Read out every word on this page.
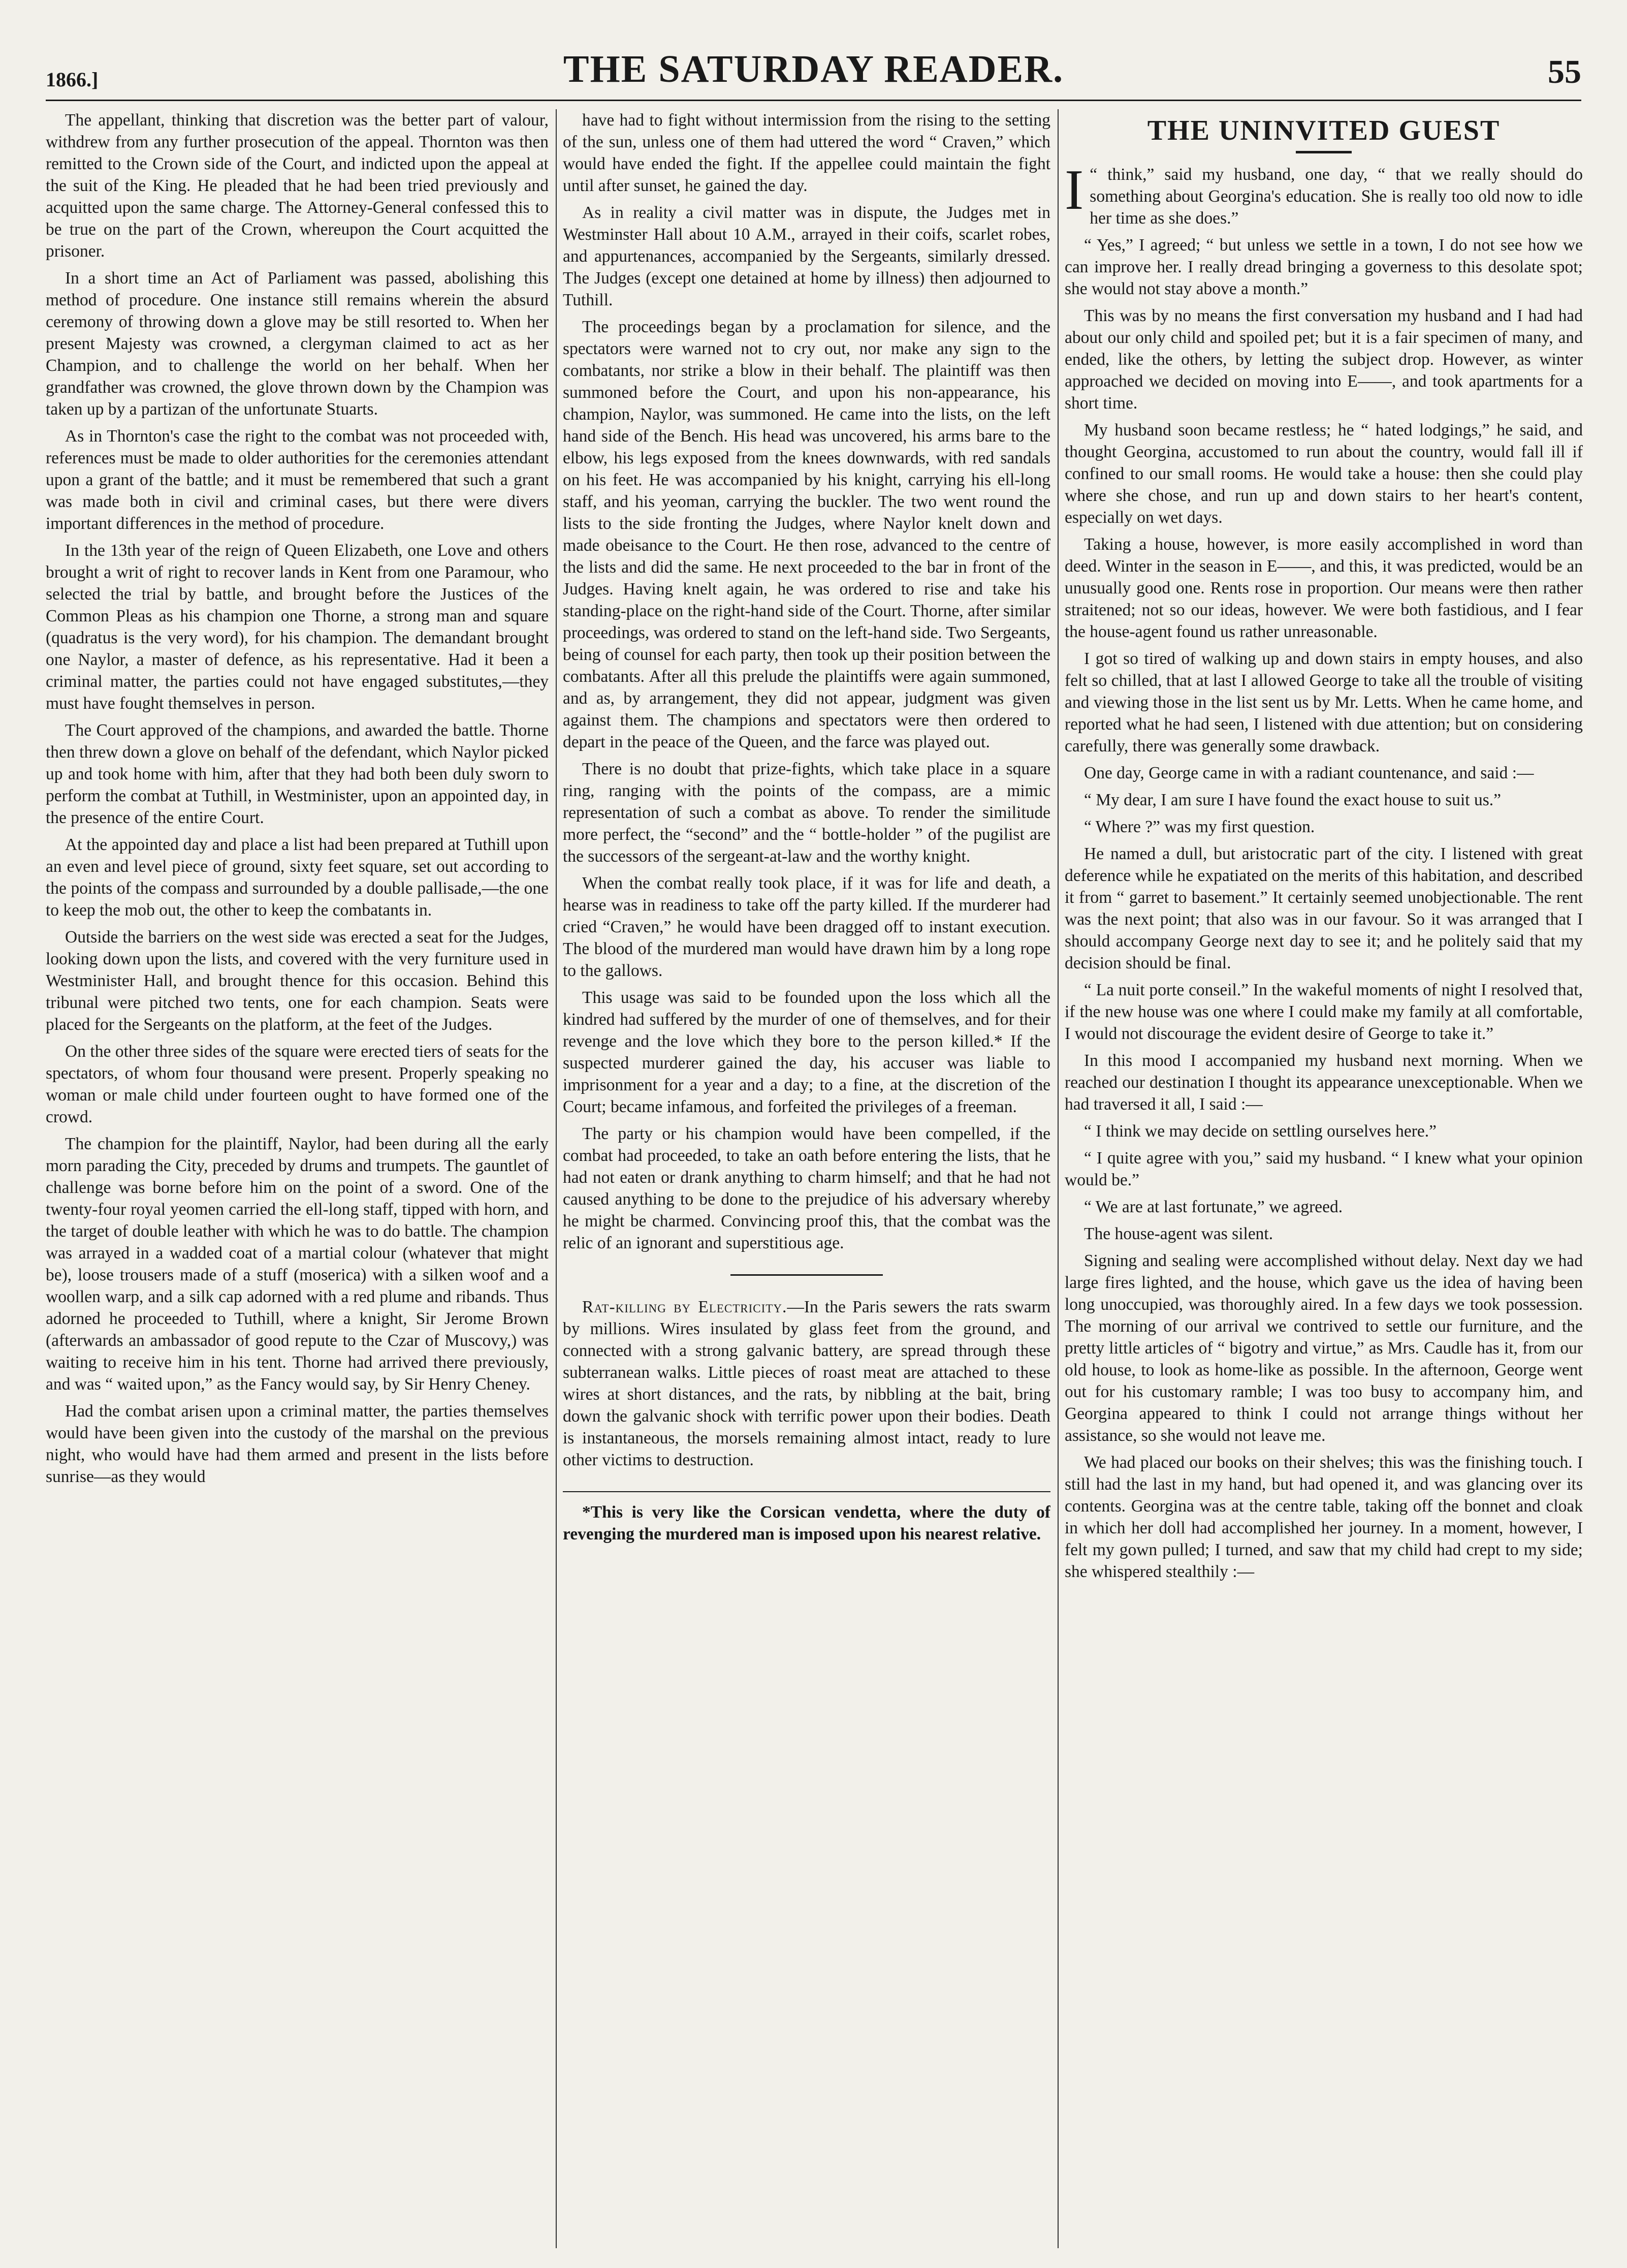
1866.]	THE SATURDAY READER.	55

The appellant, thinking that discretion was the better part of valour, withdrew from any further prosecution of the appeal. Thornton was then remitted to the Crown side of the Court, and indicted upon the appeal at the suit of the King. He pleaded that he had been tried previously and acquitted upon the same charge. The Attorney-General confessed this to be true on the part of the Crown, whereupon the Court acquitted the prisoner.

In a short time an Act of Parliament was passed, abolishing this method of procedure. One instance still remains wherein the absurd ceremony of throwing down a glove may be still resorted to. When her present Majesty was crowned, a clergyman claimed to act as her Champion, and to challenge the world on her behalf. When her grandfather was crowned, the glove thrown down by the Champion was taken up by a partizan of the unfortunate Stuarts.

As in Thornton's case the right to the combat was not proceeded with, references must be made to older authorities for the ceremonies attendant upon a grant of the battle; and it must be remembered that such a grant was made both in civil and criminal cases, but there were divers important differences in the method of procedure.

In the 13th year of the reign of Queen Elizabeth, one Love and others brought a writ of right to recover lands in Kent from one Paramour, who selected the trial by battle, and brought before the Justices of the Common Pleas as his champion one Thorne, a strong man and square (quadratus is the very word), for his champion. The demandant brought one Naylor, a master of defence, as his representative. Had it been a criminal matter, the parties could not have engaged substitutes,—they must have fought themselves in person.

The Court approved of the champions, and awarded the battle. Thorne then threw down a glove on behalf of the defendant, which Naylor picked up and took home with him, after that they had both been duly sworn to perform the combat at Tuthill, in Westminister, upon an appointed day, in the presence of the entire Court.

At the appointed day and place a list had been prepared at Tuthill upon an even and level piece of ground, sixty feet square, set out according to the points of the compass and surrounded by a double pallisade,—the one to keep the mob out, the other to keep the combatants in.

Outside the barriers on the west side was erected a seat for the Judges, looking down upon the lists, and covered with the very furniture used in Westminister Hall, and brought thence for this occasion. Behind this tribunal were pitched two tents, one for each champion. Seats were placed for the Sergeants on the platform, at the feet of the Judges.

On the other three sides of the square were erected tiers of seats for the spectators, of whom four thousand were present. Properly speaking no woman or male child under fourteen ought to have formed one of the crowd.

The champion for the plaintiff, Naylor, had been during all the early morn parading the City, preceded by drums and trumpets. The gauntlet of challenge was borne before him on the point of a sword. One of the twenty-four royal yeomen carried the ell-long staff, tipped with horn, and the target of double leather with which he was to do battle. The champion was arrayed in a wadded coat of a martial colour (whatever that might be), loose trousers made of a stuff (moserica) with a silken woof and a woollen warp, and a silk cap adorned with a red plume and ribands. Thus adorned he proceeded to Tuthill, where a knight, Sir Jerome Brown (afterwards an ambassador of good repute to the Czar of Muscovy,) was waiting to receive him in his tent. Thorne had arrived there previously, and was “ waited upon,” as the Fancy would say, by Sir Henry Cheney.

Had the combat arisen upon a criminal matter, the parties themselves would have been given into the custody of the marshal on the previous night, who would have had them armed and present in the lists before sunrise—as they would

have had to fight without intermission from the rising to the setting of the sun, unless one of them had uttered the word “ Craven,” which would have ended the fight. If the appellee could maintain the fight until after sunset, he gained the day.

As in reality a civil matter was in dispute, the Judges met in Westminster Hall about 10 A.M., arrayed in their coifs, scarlet robes, and appurtenances, accompanied by the Sergeants, similarly dressed. The Judges (except one detained at home by illness) then adjourned to Tuthill.

The proceedings began by a proclamation for silence, and the spectators were warned not to cry out, nor make any sign to the combatants, nor strike a blow in their behalf. The plaintiff was then summoned before the Court, and upon his non-appearance, his champion, Naylor, was summoned. He came into the lists, on the left hand side of the Bench. His head was uncovered, his arms bare to the elbow, his legs exposed from the knees downwards, with red sandals on his feet. He was accompanied by his knight, carrying his ell-long staff, and his yeoman, carrying the buckler. The two went round the lists to the side fronting the Judges, where Naylor knelt down and made obeisance to the Court. He then rose, advanced to the centre of the lists and did the same. He next proceeded to the bar in front of the Judges. Having knelt again, he was ordered to rise and take his standing-place on the right-hand side of the Court. Thorne, after similar proceedings, was ordered to stand on the left-hand side. Two Sergeants, being of counsel for each party, then took up their position between the combatants. After all this prelude the plaintiffs were again summoned, and as, by arrangement, they did not appear, judgment was given against them. The champions and spectators were then ordered to depart in the peace of the Queen, and the farce was played out.

There is no doubt that prize-fights, which take place in a square ring, ranging with the points of the compass, are a mimic representation of such a combat as above. To render the similitude more perfect, the “second” and the “ bottle-holder ” of the pugilist are the successors of the sergeant-at-law and the worthy knight.

When the combat really took place, if it was for life and death, a hearse was in readiness to take off the party killed. If the murderer had cried “Craven,” he would have been dragged off to instant execution. The blood of the murdered man would have drawn him by a long rope to the gallows.

This usage was said to be founded upon the loss which all the kindred had suffered by the murder of one of themselves, and for their revenge and the love which they bore to the person killed.* If the suspected murderer gained the day, his accuser was liable to imprisonment for a year and a day; to a fine, at the discretion of the Court; became infamous, and forfeited the privileges of a freeman.

The party or his champion would have been compelled, if the combat had proceeded, to take an oath before entering the lists, that he had not eaten or drank anything to charm himself; and that he had not caused anything to be done to the prejudice of his adversary whereby he might be charmed. Convincing proof this, that the combat was the relic of an ignorant and superstitious age.

Rat-killing by Electricity.—In the Paris sewers the rats swarm by millions. Wires insulated by glass feet from the ground, and connected with a strong galvanic battery, are spread through these subterranean walks. Little pieces of roast meat are attached to these wires at short distances, and the rats, by nibbling at the bait, bring down the galvanic shock with terrific power upon their bodies. Death is instantaneous, the morsels remaining almost intact, ready to lure other victims to destruction.

*This is very like the Corsican vendetta, where the duty of revenging the murdered man is imposed upon his nearest relative.

THE UNINVITED GUEST

“
I think,” said my husband, one day, “ that we really should do something about Georgina's education. She is really too old now to idle her time as she does.”

“ Yes,” I agreed; “ but unless we settle in a town, I do not see how we can improve her. I really dread bringing a governess to this desolate spot; she would not stay above a month.”

This was by no means the first conversation my husband and I had had about our only child and spoiled pet; but it is a fair specimen of many, and ended, like the others, by letting the subject drop. However, as winter approached we decided on moving into E——, and took apartments for a short time.

My husband soon became restless; he “ hated lodgings,” he said, and thought Georgina, accustomed to run about the country, would fall ill if confined to our small rooms. He would take a house: then she could play where she chose, and run up and down stairs to her heart's content, especially on wet days.

Taking a house, however, is more easily accomplished in word than deed. Winter in the season in E——, and this, it was predicted, would be an unusually good one. Rents rose in proportion. Our means were then rather straitened; not so our ideas, however. We were both fastidious, and I fear the house-agent found us rather unreasonable.

I got so tired of walking up and down stairs in empty houses, and also felt so chilled, that at last I allowed George to take all the trouble of visiting and viewing those in the list sent us by Mr. Letts. When he came home, and reported what he had seen, I listened with due attention; but on considering carefully, there was generally some drawback.

One day, George came in with a radiant countenance, and said :—

“ My dear, I am sure I have found the exact house to suit us.”

“ Where ?” was my first question.

He named a dull, but aristocratic part of the city. I listened with great deference while he expatiated on the merits of this habitation, and described it from “ garret to basement.” It certainly seemed unobjectionable. The rent was the next point; that also was in our favour. So it was arranged that I should accompany George next day to see it; and he politely said that my decision should be final.

“ La nuit porte conseil.” In the wakeful moments of night I resolved that, if the new house was one where I could make my family at all comfortable, I would not discourage the evident desire of George to take it.”

In this mood I accompanied my husband next morning. When we reached our destination I thought its appearance unexceptionable. When we had traversed it all, I said :—

“ I think we may decide on settling ourselves here.”

“ I quite agree with you,” said my husband. “ I knew what your opinion would be.”

“ We are at last fortunate,” we agreed.

The house-agent was silent.

Signing and sealing were accomplished without delay. Next day we had large fires lighted, and the house, which gave us the idea of having been long unoccupied, was thoroughly aired. In a few days we took possession. The morning of our arrival we contrived to settle our furniture, and the pretty little articles of “ bigotry and virtue,” as Mrs. Caudle has it, from our old house, to look as home-like as possible. In the afternoon, George went out for his customary ramble; I was too busy to accompany him, and Georgina appeared to think I could not arrange things without her assistance, so she would not leave me.

We had placed our books on their shelves; this was the finishing touch. I still had the last in my hand, but had opened it, and was glancing over its contents. Georgina was at the centre table, taking off the bonnet and cloak in which her doll had accomplished her journey. In a moment, however, I felt my gown pulled; I turned, and saw that my child had crept to my side; she whispered stealthily :—
